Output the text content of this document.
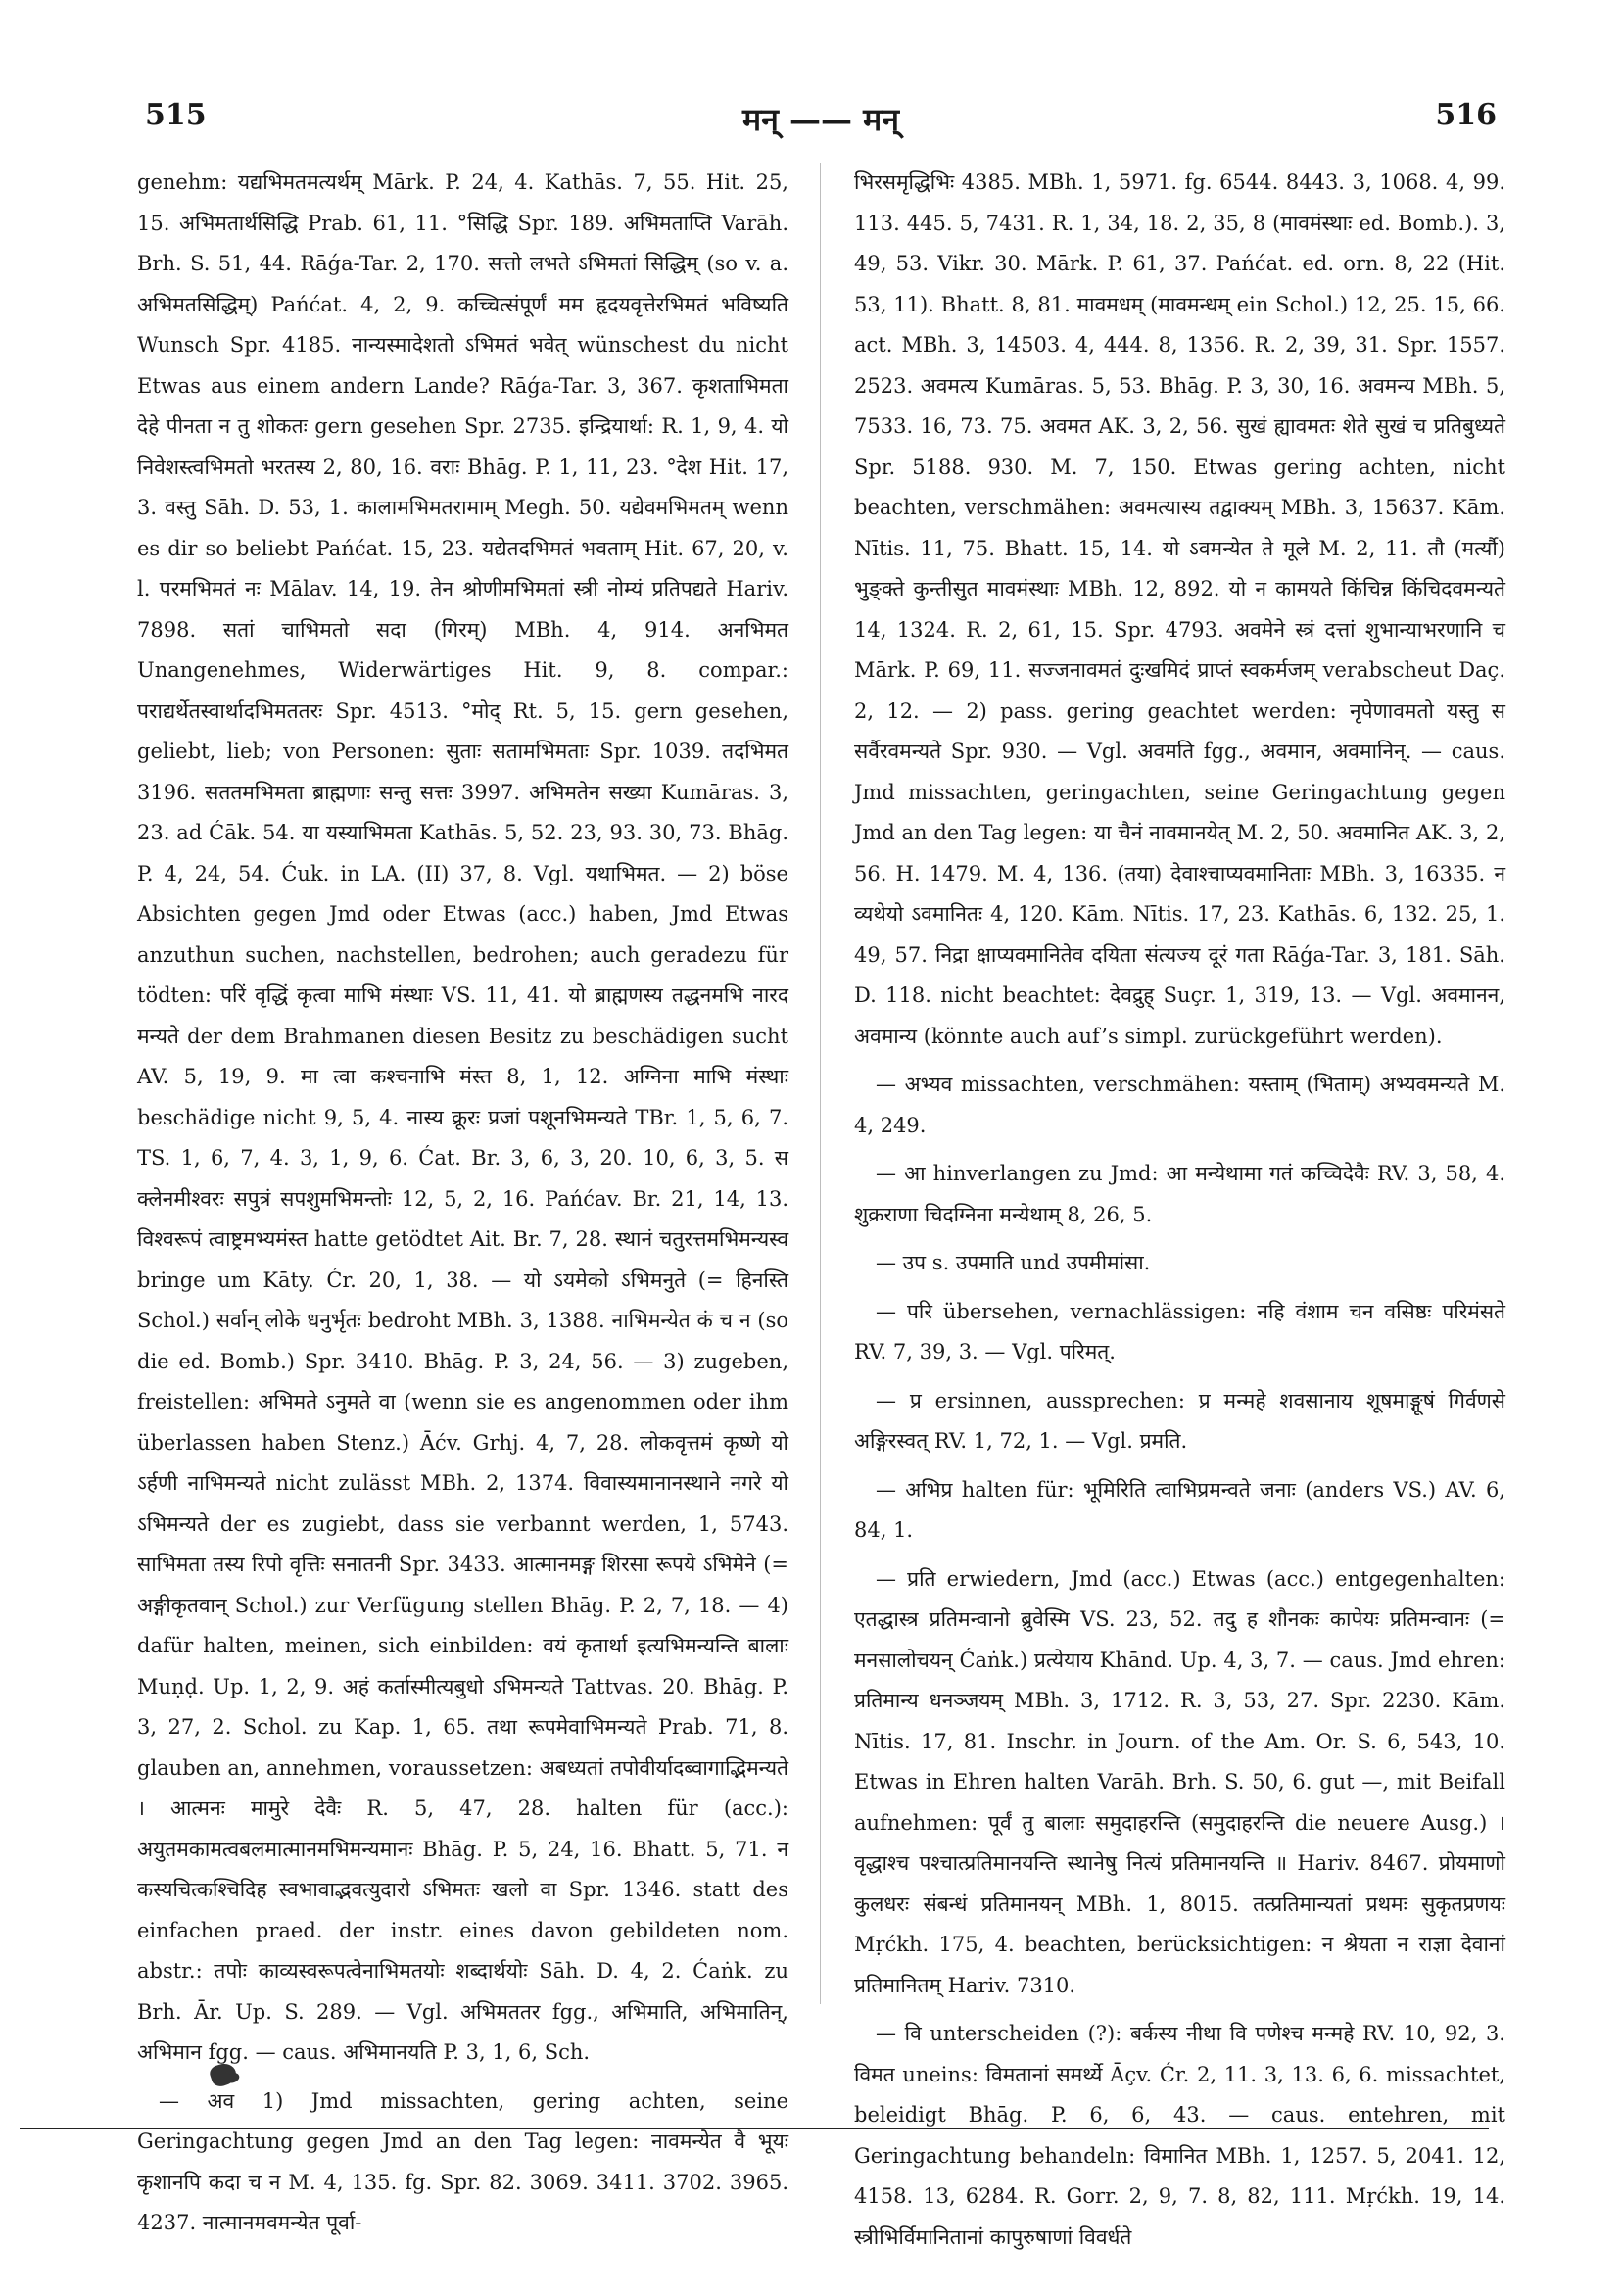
515	मन् —— मन्	516

genehm: यद्यभिमतमत्यर्थम् Mārk. P. 24, 4. Kathās. 7, 55. Hit. 25, 15. अभिमतार्थसिद्धि Prab. 61, 11. °सिद्धि Spr. 189. अभिमताप्ति Varāh. Brh. S. 51, 44. Rāǵa-Tar. 2, 170. सत्तो लभते ऽभिमतां सिद्धिम् (so v. a. अभिमतसिद्धिम्) Pańćat. 4, 2, 9. कच्चित्संपूर्णं मम हृदयवृत्तेरभिमतं भविष्यति Wunsch Spr. 4185. नान्यस्मादेशतो ऽभिमतं भवेत् wünschest du nicht Etwas aus einem andern Lande? Rāǵa-Tar. 3, 367. कृशताभिमता देहे पीनता न तु शोकतः gern gesehen Spr. 2735. इन्द्रियार्था: R. 1, 9, 4. यो निवेशस्त्वभिमतो भरतस्य 2, 80, 16. वराः Bhāg. P. 1, 11, 23. °देश Hit. 17, 3. वस्तु Sāh. D. 53, 1. कालामभिमतरामाम् Megh. 50. यद्येवमभिमतम् wenn es dir so beliebt Pańćat. 15, 23. यद्येतदभिमतं भवताम् Hit. 67, 20, v. l. परमभिमतं नः Mālav. 14, 19. तेन श्रोणीमभिमतां स्त्री नोम्यं प्रतिपद्यते Hariv. 7898. सतां चाभिमतो सदा (गिरम्) MBh. 4, 914. अनभिमत Unangenehmes, Widerwärtiges Hit. 9, 8. compar.: पराद्यर्थेतस्वार्थादभिमततरः Spr. 4513. °मोद् Rt. 5, 15. gern gesehen, geliebt, lieb; von Personen: सुताः सतामभिमताः Spr. 1039. तदभिमत 3196. सततमभिमता ब्राह्मणाः सन्तु सत्तः 3997. अभिमतेन सख्या Kumāras. 3, 23. ad Ćāk. 54. या यस्याभिमता Kathās. 5, 52. 23, 93. 30, 73. Bhāg. P. 4, 24, 54. Ćuk. in LA. (II) 37, 8. Vgl. यथाभिमत. — 2) böse Absichten gegen Jmd oder Etwas (acc.) haben, Jmd Etwas anzuthun suchen, nachstellen, bedrohen; auch geradezu für tödten: परिं वृद्धिं कृत्वा माभि मंस्थाः VS. 11, 41. यो ब्राह्मणस्य तद्धनमभि नारद मन्यते der dem Brahmanen diesen Besitz zu beschädigen sucht AV. 5, 19, 9. मा त्वा कश्चनाभि मंस्त 8, 1, 12. अग्निना माभि मंस्थाः beschädige nicht 9, 5, 4. नास्य क्रूरः प्रजां पशूनभिमन्यते TBr. 1, 5, 6, 7. TS. 1, 6, 7, 4. 3, 1, 9, 6. Ćat. Br. 3, 6, 3, 20. 10, 6, 3, 5. स क्लेनमीश्वरः सपुत्रं सपशुमभिमन्तोः 12, 5, 2, 16. Pańćav. Br. 21, 14, 13. विश्वरूपं त्वाष्ट्रमभ्यमंस्त hatte getödtet Ait. Br. 7, 28. स्थानं चतुरत्तमभिमन्यस्व bringe um Kāty. Ćr. 20, 1, 38. — यो ऽयमेको ऽभिमनुते (= हिनस्ति Schol.) सर्वान् लोके धनुर्भृतः bedroht MBh. 3, 1388. नाभिमन्येत कं च न (so die ed. Bomb.) Spr. 3410. Bhāg. P. 3, 24, 56. — 3) zugeben, freistellen: अभिमते ऽनुमते वा (wenn sie es angenommen oder ihm überlassen haben Stenz.) Āćv. Grhj. 4, 7, 28. लोकवृत्तमं कृष्णे यो ऽर्हणी नाभिमन्यते nicht zulässt MBh. 2, 1374. विवास्यमानानस्थाने नगरे यो ऽभिमन्यते der es zugiebt, dass sie verbannt werden, 1, 5743. साभिमता तस्य रिपो वृत्तिः सनातनी Spr. 3433. आत्मानमङ्ग शिरसा रूपये ऽभिमेने (= अङ्गीकृतवान् Schol.) zur Verfügung stellen Bhāg. P. 2, 7, 18. — 4) dafür halten, meinen, sich einbilden: वयं कृतार्था इत्यभिमन्यन्ति बालाः Muṇḍ. Up. 1, 2, 9. अहं कर्तास्मीत्यबुधो ऽभिमन्यते Tattvas. 20. Bhāg. P. 3, 27, 2. Schol. zu Kap. 1, 65. तथा रूपमेवाभिमन्यते Prab. 71, 8. glauben an, annehmen, voraussetzen: अबध्यतां तपोवीर्यादब्वागाद्भिमन्यते । आत्मनः मामुरे देवैः R. 5, 47, 28. halten für (acc.): अयुतमकामत्वबलमात्मानमभिमन्यमानः Bhāg. P. 5, 24, 16. Bhatt. 5, 71. न कस्यचित्कश्चिदिह स्वभावाद्भवत्युदारो ऽभिमतः खलो वा Spr. 1346. statt des einfachen praed. der instr. eines davon gebildeten nom. abstr.: तपोः काव्यस्वरूपत्वेनाभिमतयोः शब्दार्थयोः Sāh. D. 4, 2. Ćaṅk. zu Brh. Ār. Up. S. 289. — Vgl. अभिमततर fgg., अभिमाति, अभिमातिन्, अभिमान fgg. — caus. अभिमानयति P. 3, 1, 6, Sch.

— अव 1) Jmd missachten, gering achten, seine Geringachtung gegen Jmd an den Tag legen: नावमन्येत वै भूयः कृशानपि कदा च न M. 4, 135. fg. Spr. 82. 3069. 3411. 3702. 3965. 4237. नात्मानमवमन्येत पूर्वा-

भिरसमृद्धिभिः 4385. MBh. 1, 5971. fg. 6544. 8443. 3, 1068. 4, 99. 113. 445. 5, 7431. R. 1, 34, 18. 2, 35, 8 (मावमंस्थाः ed. Bomb.). 3, 49, 53. Vikr. 30. Mārk. P. 61, 37. Pańćat. ed. orn. 8, 22 (Hit. 53, 11). Bhatt. 8, 81. मावमधम् (मावमन्धम् ein Schol.) 12, 25. 15, 66. act. MBh. 3, 14503. 4, 444. 8, 1356. R. 2, 39, 31. Spr. 1557. 2523. अवमत्य Kumāras. 5, 53. Bhāg. P. 3, 30, 16. अवमन्य MBh. 5, 7533. 16, 73. 75. अवमत AK. 3, 2, 56. सुखं ह्यावमतः शेते सुखं च प्रतिबुध्यते Spr. 5188. 930. M. 7, 150. Etwas gering achten, nicht beachten, verschmähen: अवमत्यास्य तद्वाक्यम् MBh. 3, 15637. Kām. Nītis. 11, 75. Bhatt. 15, 14. यो ऽवमन्येत ते मूले M. 2, 11. तौ (मर्त्यौ) भुङ्क्ते कुन्तीसुत मावमंस्थाः MBh. 12, 892. यो न कामयते किंचिन्न किंचिदवमन्यते 14, 1324. R. 2, 61, 15. Spr. 4793. अवमेने स्त्रं दत्तां शुभान्याभरणानि च Mārk. P. 69, 11. सज्जनावमतं दुःखमिदं प्राप्तं स्वकर्मजम् verabscheut Daç. 2, 12. — 2) pass. gering geachtet werden: नृपेणावमतो यस्तु स सर्वैरवमन्यते Spr. 930. — Vgl. अवमति fgg., अवमान, अवमानिन्. — caus. Jmd missachten, geringachten, seine Geringachtung gegen Jmd an den Tag legen: या चैनं नावमानयेत् M. 2, 50. अवमानित AK. 3, 2, 56. H. 1479. M. 4, 136. (तया) देवाश्चाप्यवमानिताः MBh. 3, 16335. न व्यथेयो ऽवमानितः 4, 120. Kām. Nītis. 17, 23. Kathās. 6, 132. 25, 1. 49, 57. निद्रा क्षाप्यवमानितेव दयिता संत्यज्य दूरं गता Rāǵa-Tar. 3, 181. Sāh. D. 118. nicht beachtet: देवद्रुह् Suçr. 1, 319, 13. — Vgl. अवमानन, अवमान्य (könnte auch auf’s simpl. zurückgeführt werden).

— अभ्यव missachten, verschmähen: यस्ताम् (भिताम्) अभ्यवमन्यते M. 4, 249.

— आ hinverlangen zu Jmd: आ मन्येथामा गतं कच्चिदेवैः RV. 3, 58, 4. शुक्रराणा चिदग्निना मन्येथाम् 8, 26, 5.

— उप s. उपमाति und उपमीमांसा.

— परि übersehen, vernachlässigen: नहि वंशाम चन वसिष्ठः परिमंसते RV. 7, 39, 3. — Vgl. परिमत्.

— प्र ersinnen, aussprechen: प्र मन्महे शवसानाय शूषमाङ्गूषं गिर्वणसे अङ्गिरस्वत् RV. 1, 72, 1. — Vgl. प्रमति.

— अभिप्र halten für: भूमिरिति त्वाभिप्रमन्वते जनाः (anders VS.) AV. 6, 84, 1.

— प्रति erwiedern, Jmd (acc.) Etwas (acc.) entgegenhalten: एतद्धास्त्र प्रतिमन्वानो ब्रुवेस्मि VS. 23, 52. तदु ह शौनकः कापेयः प्रतिमन्वानः (= मनसालोचयन् Ćaṅk.) प्रत्येयाय Khānd. Up. 4, 3, 7. — caus. Jmd ehren: प्रतिमान्य धनञ्जयम् MBh. 3, 1712. R. 3, 53, 27. Spr. 2230. Kām. Nītis. 17, 81. Inschr. in Journ. of the Am. Or. S. 6, 543, 10. Etwas in Ehren halten Varāh. Brh. S. 50, 6. gut —, mit Beifall aufnehmen: पूर्वं तु बालाः समुदाहरन्ति (समुदाहरन्ति die neuere Ausg.) । वृद्धाश्च पश्चात्प्रतिमानयन्ति स्थानेषु नित्यं प्रतिमानयन्ति ॥ Hariv. 8467. प्रोयमाणो कुलधरः संबन्धं प्रतिमानयन् MBh. 1, 8015. तत्प्रतिमान्यतां प्रथमः सुकृतप्रणयः Mṛćkh. 175, 4. beachten, berücksichtigen: न श्रेयता न राज्ञा देवानां प्रतिमानितम् Hariv. 7310.

— वि unterscheiden (?): बर्कस्य नीथा वि पणेश्च मन्महे RV. 10, 92, 3. विमत uneins: विमतानां समर्थ्ये Āçv. Ćr. 2, 11. 3, 13. 6, 6. missachtet, beleidigt Bhāg. P. 6, 6, 43. — caus. entehren, mit Geringachtung behandeln: विमानित MBh. 1, 1257. 5, 2041. 12, 4158. 13, 6284. R. Gorr. 2, 9, 7. 8, 82, 111. Mṛćkh. 19, 14. स्त्रीभिर्विमानितानां कापुरुषाणां विवर्धते
